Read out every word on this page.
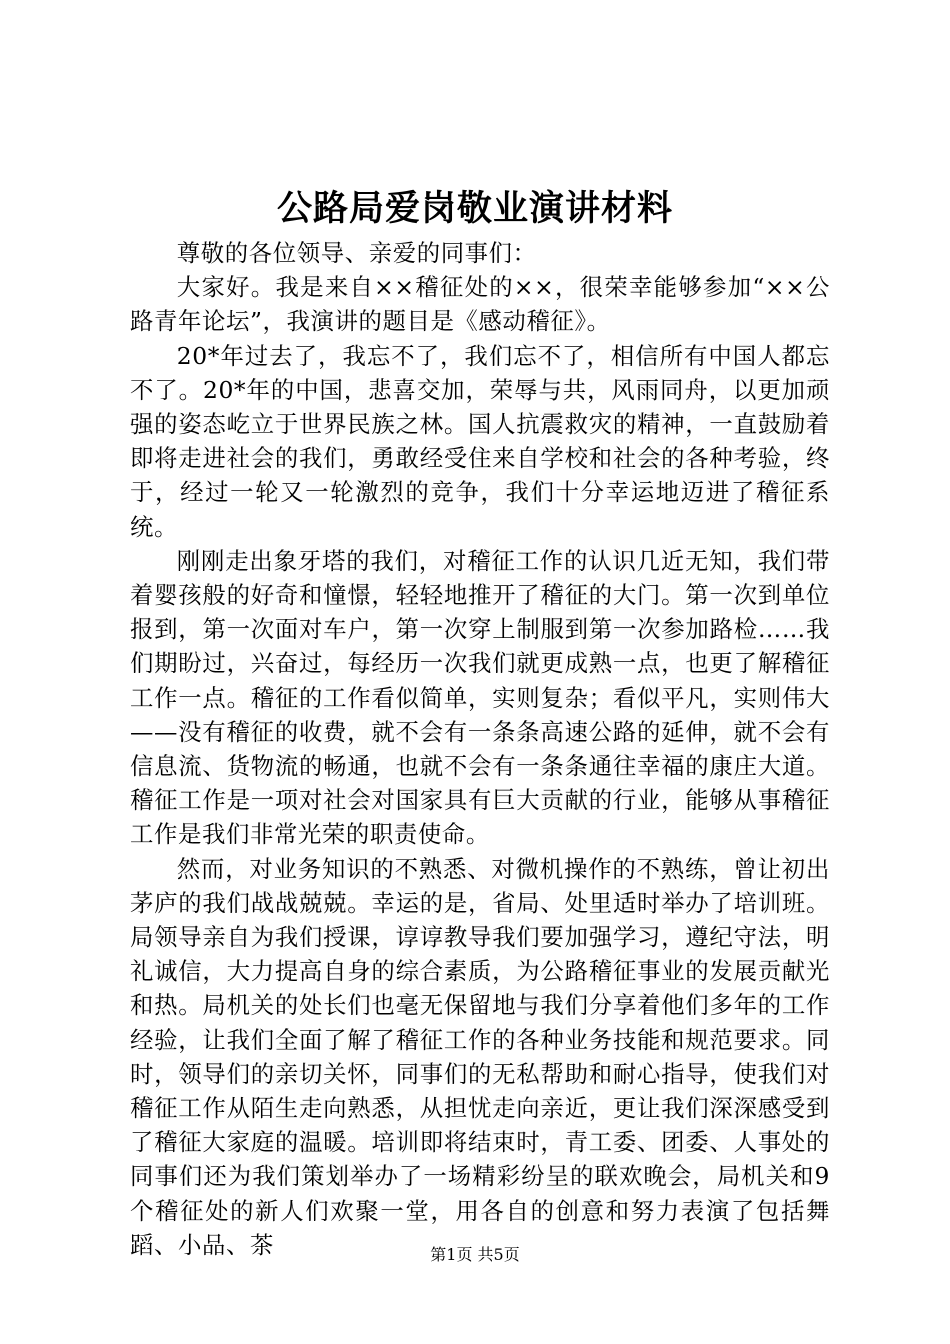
公路局爱岗敬业演讲材料

尊敬的各位领导、亲爱的同事们：

大家好。我是来自××稽征处的××，很荣幸能够参加“××公路青年论坛”，我演讲的题目是《感动稽征》。

20*年过去了，我忘不了，我们忘不了，相信所有中国人都忘不了。20*年的中国，悲喜交加，荣辱与共，风雨同舟，以更加顽强的姿态屹立于世界民族之林。国人抗震救灾的精神，一直鼓励着即将走进社会的我们，勇敢经受住来自学校和社会的各种考验，终于，经过一轮又一轮激烈的竞争，我们十分幸运地迈进了稽征系统。

刚刚走出象牙塔的我们，对稽征工作的认识几近无知，我们带着婴孩般的好奇和憧憬，轻轻地推开了稽征的大门。第一次到单位报到，第一次面对车户，第一次穿上制服到第一次参加路检……我们期盼过，兴奋过，每经历一次我们就更成熟一点，也更了解稽征工作一点。稽征的工作看似简单，实则复杂；看似平凡，实则伟大——没有稽征的收费，就不会有一条条高速公路的延伸，就不会有信息流、货物流的畅通，也就不会有一条条通往幸福的康庄大道。稽征工作是一项对社会对国家具有巨大贡献的行业，能够从事稽征工作是我们非常光荣的职责使命。

然而，对业务知识的不熟悉、对微机操作的不熟练，曾让初出茅庐的我们战战兢兢。幸运的是，省局、处里适时举办了培训班。局领导亲自为我们授课，谆谆教导我们要加强学习，遵纪守法，明礼诚信，大力提高自身的综合素质，为公路稽征事业的发展贡献光和热。局机关的处长们也毫无保留地与我们分享着他们多年的工作经验，让我们全面了解了稽征工作的各种业务技能和规范要求。同时，领导们的亲切关怀，同事们的无私帮助和耐心指导，使我们对稽征工作从陌生走向熟悉，从担忧走向亲近，更让我们深深感受到了稽征大家庭的温暖。培训即将结束时，青工委、团委、人事处的同事们还为我们策划举办了一场精彩纷呈的联欢晚会，局机关和9个稽征处的新人们欢聚一堂，用各自的创意和努力表演了包括舞蹈、小品、茶	第1页 共5页
